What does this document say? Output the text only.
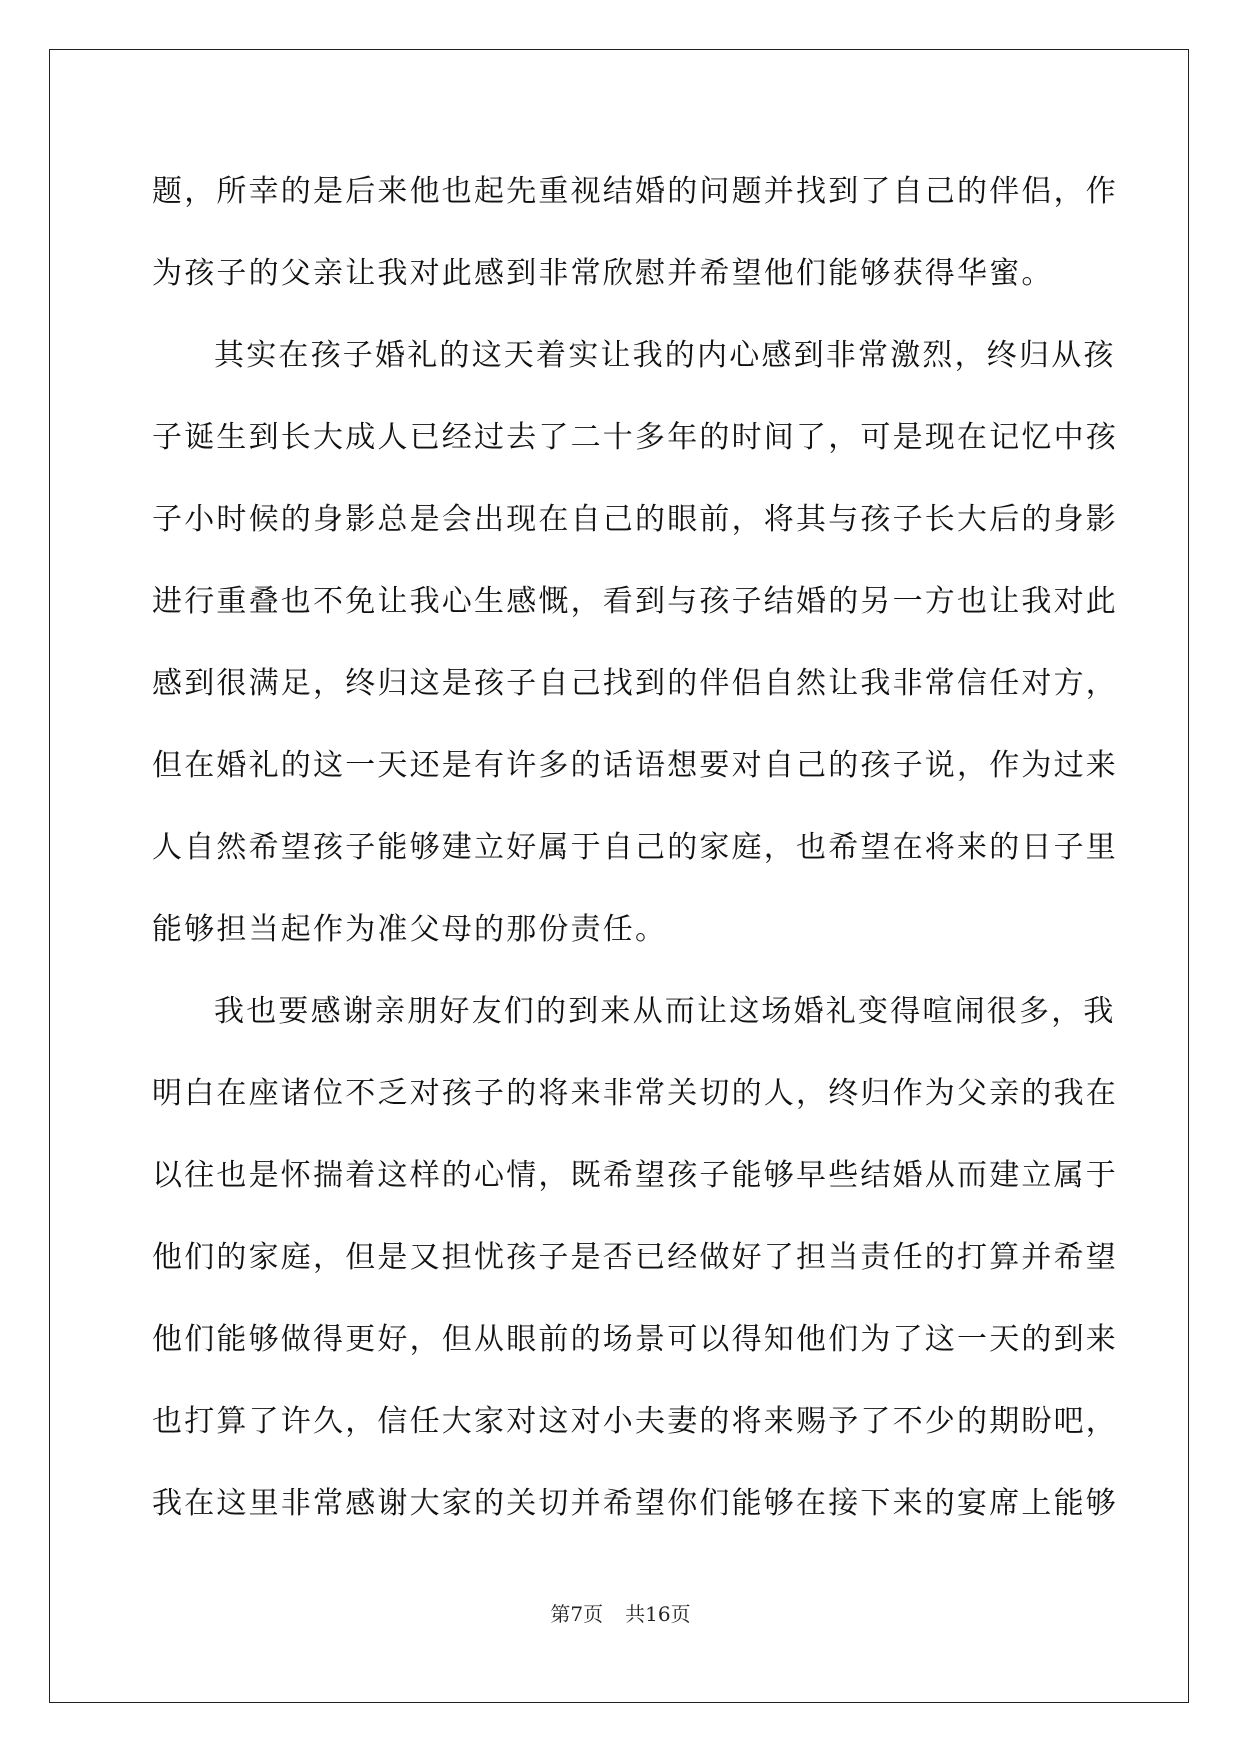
题，所幸的是后来他也起先重视结婚的问题并找到了自己的伴侣，作
为孩子的父亲让我对此感到非常欣慰并希望他们能够获得华蜜。
其实在孩子婚礼的这天着实让我的内心感到非常激烈，终归从孩
子诞生到长大成人已经过去了二十多年的时间了，可是现在记忆中孩
子小时候的身影总是会出现在自己的眼前，将其与孩子长大后的身影
进行重叠也不免让我心生感慨，看到与孩子结婚的另一方也让我对此
感到很满足，终归这是孩子自己找到的伴侣自然让我非常信任对方，
但在婚礼的这一天还是有许多的话语想要对自己的孩子说，作为过来
人自然希望孩子能够建立好属于自己的家庭，也希望在将来的日子里
能够担当起作为准父母的那份责任。
我也要感谢亲朋好友们的到来从而让这场婚礼变得喧闹很多，我
明白在座诸位不乏对孩子的将来非常关切的人，终归作为父亲的我在
以往也是怀揣着这样的心情，既希望孩子能够早些结婚从而建立属于
他们的家庭，但是又担忧孩子是否已经做好了担当责任的打算并希望
他们能够做得更好，但从眼前的场景可以得知他们为了这一天的到来
也打算了许久，信任大家对这对小夫妻的将来赐予了不少的期盼吧，
我在这里非常感谢大家的关切并希望你们能够在接下来的宴席上能够
第7页 共16页
